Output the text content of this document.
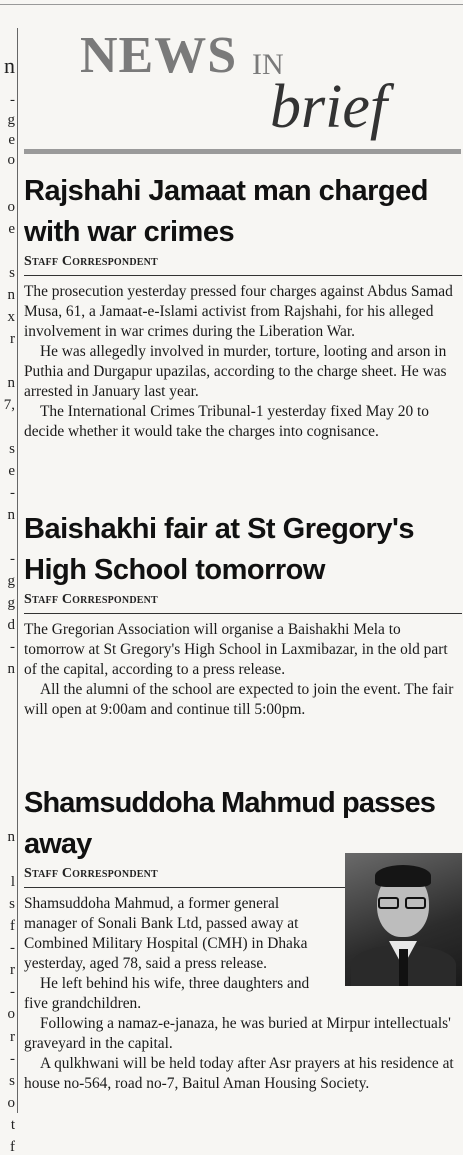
n
-
g
e
o
o
e
s
n
x
r
n
7,
s
e
-
n
-
g
g
d
-
n
n
l
s
f
-
r
-
o
r
-
s
o
t
f
NEWS IN
brief
Rajshahi Jamaat man charged
with war crimes
Staff Correspondent

The prosecution yesterday pressed four charges against Abdus Samad Musa, 61, a Jamaat-e-Islami activist from Rajshahi, for his alleged involvement in war crimes during the Liberation War.

He was allegedly involved in murder, torture, looting and arson in Puthia and Durgapur upazilas, according to the charge sheet. He was arrested in January last year.

The International Crimes Tribunal-1 yesterday fixed May 20 to decide whether it would take the charges into cognisance.

Baishakhi fair at St Gregory's
High School tomorrow
Staff Correspondent

The Gregorian Association will organise a Baishakhi Mela to tomorrow at St Gregory's High School in Laxmibazar, in the old part of the capital, according to a press release.

All the alumni of the school are expected to join the event. The fair will open at 9:00am and continue till 5:00pm.

Shamsuddoha Mahmud passes away
Staff Correspondent

Shamsuddoha Mahmud, a former general manager of Sonali Bank Ltd, passed away at Combined Military Hospital (CMH) in Dhaka yesterday, aged 78, said a press release.

He left behind his wife, three daughters and five grandchildren.

Following a namaz-e-janaza, he was buried at Mirpur intellectuals' graveyard in the capital.

A qulkhwani will be held today after Asr prayers at his residence at house no-564, road no-7, Baitul Aman Housing Society.
